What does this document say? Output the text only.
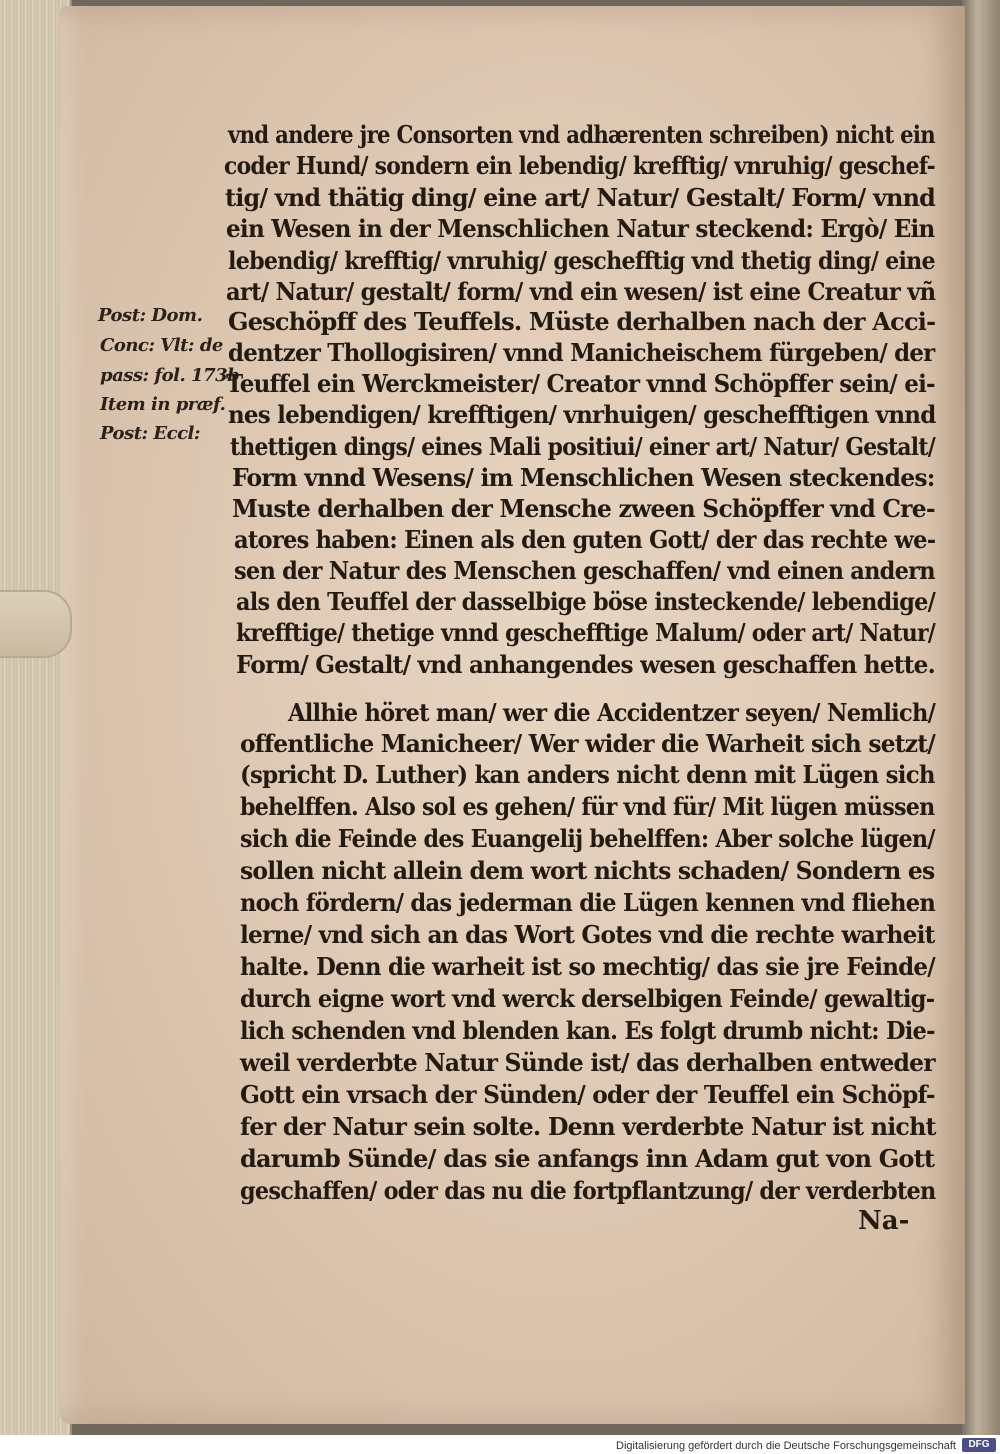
vnd andere jre Consorten vnd adhærenten schreiben) nicht ein
coder Hund/ sondern ein lebendig/ krefftig/ vnruhig/ geschef-
tig/ vnd thätig ding/ eine art/ Natur/ Gestalt/ Form/ vnnd
ein Wesen in der Menschlichen Natur steckend: Ergò/ Ein
lebendig/ krefftig/ vnruhig/ geschefftig vnd thetig ding/ eine
art/ Natur/ gestalt/ form/ vnd ein wesen/ ist eine Creatur vñ
Geschöpff des Teuffels. Müste derhalben nach der Acci-
dentzer Thollogisiren/ vnnd Manicheischem fürgeben/ der
Teuffel ein Werckmeister/ Creator vnnd Schöpffer sein/ ei-
nes lebendigen/ krefftigen/ vnrhuigen/ geschefftigen vnnd
thettigen dings/ eines Mali positiui/ einer art/ Natur/ Gestalt/
Form vnnd Wesens/ im Menschlichen Wesen steckendes:
Muste derhalben der Mensche zween Schöpffer vnd Cre-
atores haben: Einen als den guten Gott/ der das rechte we-
sen der Natur des Menschen geschaffen/ vnd einen andern
als den Teuffel der dasselbige böse insteckende/ lebendige/
krefftige/ thetige vnnd geschefftige Malum/ oder art/ Natur/
Form/ Gestalt/ vnd anhangendes wesen geschaffen hette.
Allhie höret man/ wer die Accidentzer seyen/ Nemlich/
offentliche Manicheer/ Wer wider die Warheit sich setzt/
(spricht D. Luther) kan anders nicht denn mit Lügen sich
behelffen. Also sol es gehen/ für vnd für/ Mit lügen müssen
sich die Feinde des Euangelij behelffen: Aber solche lügen/
sollen nicht allein dem wort nichts schaden/ Sondern es
noch fördern/ das jederman die Lügen kennen vnd fliehen
lerne/ vnd sich an das Wort Gotes vnd die rechte warheit
halte. Denn die warheit ist so mechtig/ das sie jre Feinde/
durch eigne wort vnd werck derselbigen Feinde/ gewaltig-
lich schenden vnd blenden kan. Es folgt drumb nicht: Die-
weil verderbte Natur Sünde ist/ das derhalben entweder
Gott ein vrsach der Sünden/ oder der Teuffel ein Schöpf-
fer der Natur sein solte. Denn verderbte Natur ist nicht
darumb Sünde/ das sie anfangs inn Adam gut von Gott
geschaffen/ oder das nu die fortpflantzung/ der verderbten
Na-
Post: Dom.
Conc: Vlt: de
pass: fol. 173b
Item in præf.
Post: Eccl:
Digitalisierung gefördert durch die Deutsche Forschungsgemeinschaft	DFG
